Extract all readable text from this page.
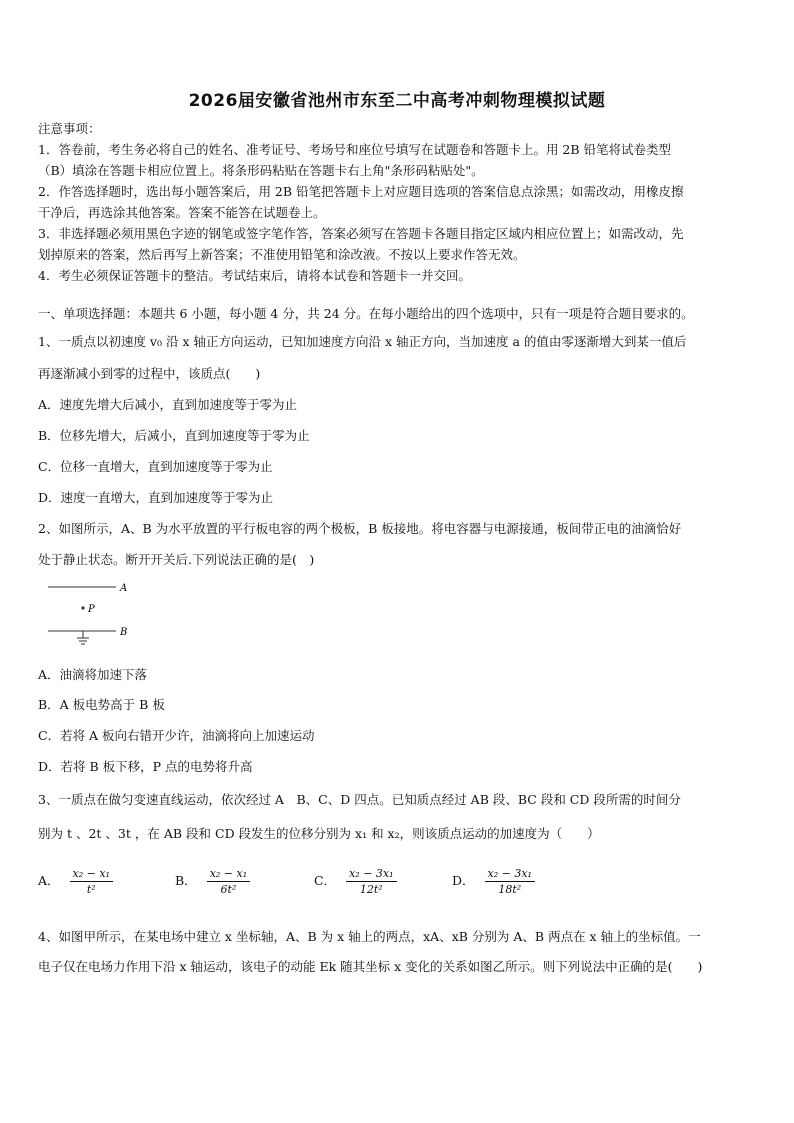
2026届安徽省池州市东至二中高考冲刺物理模拟试题
注意事项：
1．答卷前，考生务必将自己的姓名、准考证号、考场号和座位号填写在试题卷和答题卡上。用 2B 铅笔将试卷类型
（B）填涂在答题卡相应位置上。将条形码粘贴在答题卡右上角"条形码粘贴处"。
2．作答选择题时，选出每小题答案后，用 2B 铅笔把答题卡上对应题目选项的答案信息点涂黑；如需改动，用橡皮擦
干净后，再选涂其他答案。答案不能答在试题卷上。
3．非选择题必须用黑色字迹的钢笔或签字笔作答，答案必须写在答题卡各题目指定区域内相应位置上；如需改动，先
划掉原来的答案，然后再写上新答案；不准使用铅笔和涂改液。不按以上要求作答无效。
4．考生必须保证答题卡的整洁。考试结束后，请将本试卷和答题卡一并交回。
一、单项选择题：本题共 6 小题，每小题 4 分，共 24 分。在每小题给出的四个选项中，只有一项是符合题目要求的。
1、一质点以初速度 v₀ 沿 x 轴正方向运动，已知加速度方向沿 x 轴正方向，当加速度 a 的值由零逐渐增大到某一值后
再逐渐减小到零的过程中，该质点(　　)
A．速度先增大后减小，直到加速度等于零为止
B．位移先增大，后减小，直到加速度等于零为止
C．位移一直增大，直到加速度等于零为止
D．速度一直增大，直到加速度等于零为止
2、如图所示，A、B 为水平放置的平行板电容的两个极板，B 板接地。将电容器与电源接通，板间带正电的油滴恰好
处于静止状态。断开开关后.下列说法正确的是(　)
A
P
B
A．油滴将加速下落
B．A 板电势高于 B 板
C．若将 A 板向右错开少许，油滴将向上加速运动
D．若将 B 板下移，P 点的电势将升高
3、一质点在做匀变速直线运动，依次经过 A　B、C、D 四点。已知质点经过 AB 段、BC 段和 CD 段所需的时间分
别为 t 、2t 、3t ，在 AB 段和 CD 段发生的位移分别为 x₁ 和 x₂，则该质点运动的加速度为（　　）
A． $\frac{\text{x₂ − x₁}}{\text{t²}}$	B． $\frac{\text{x₂ − x₁}}{\text{6t²}}$	C． $\frac{\text{x₂ − 3x₁}}{\text{12t²}}$	D． $\frac{\text{x₂ − 3x₁}}{\text{18t²}}$
4、如图甲所示，在某电场中建立 x 坐标轴，A、B 为 x 轴上的两点，xA、xB 分别为 A、B 两点在 x 轴上的坐标值。一
电子仅在电场力作用下沿 x 轴运动，该电子的动能 Ek 随其坐标 x 变化的关系如图乙所示。则下列说法中正确的是(　　)
